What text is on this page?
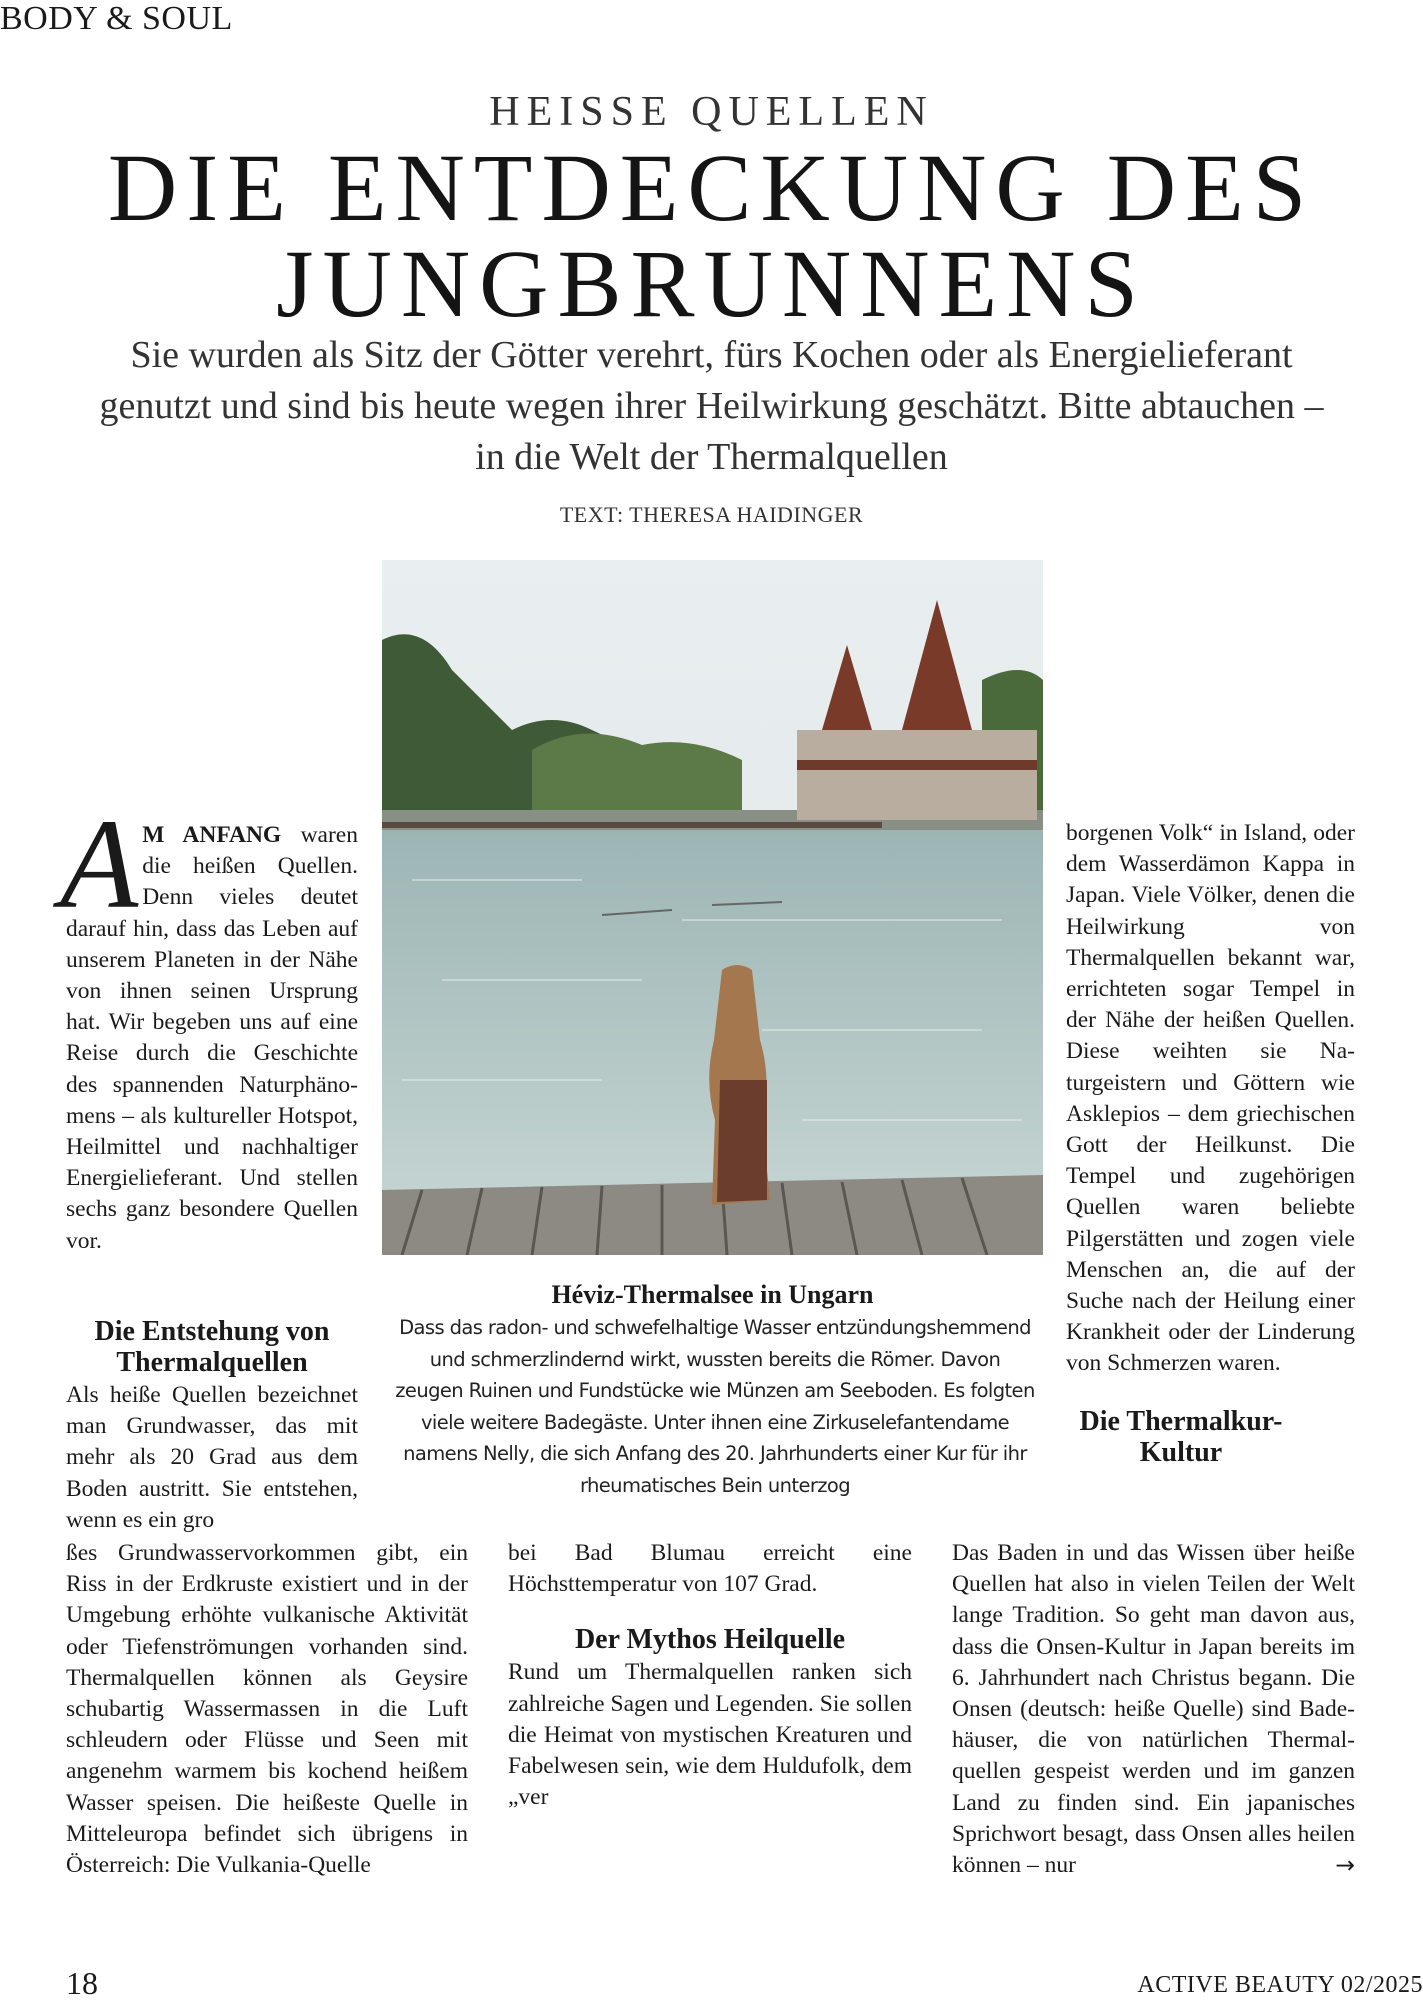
BODY & SOUL
HEISSE QUELLEN
DIE ENTDECKUNG DES
JUNGBRUNNENS
Sie wurden als Sitz der Götter verehrt, fürs Kochen oder als Energielieferant genutzt und sind bis heute wegen ihrer Heilwirkung geschätzt. Bitte abtauchen – in die Welt der Thermalquellen
TEXT: THERESA HAIDINGER
A M ANFANG waren die heißen Quellen. Denn vieles deutet darauf hin, dass das Leben auf unserem Planeten in der Nähe von ihnen seinen Ursprung hat. Wir begeben uns auf eine Reise durch die Geschichte des spannenden Naturphänomens – als kultureller Hotspot, Heilmittel und nachhaltiger Energielieferant. Und stellen sechs ganz besondere Quellen vor.
Die Entstehung von Thermalquellen

Als heiße Quellen bezeichnet man Grundwasser, das mit mehr als 20 Grad aus dem Boden austritt. Sie entstehen, wenn es ein gro

ßes Grundwasservorkommen gibt, ein Riss in der Erdkruste existiert und in der Umgebung erhöhte vulkanische Aktivität oder Tiefenströmungen vorhanden sind. Thermalquellen können als Geysire schubartig Wassermassen in die Luft schleudern oder Flüsse und Seen mit angenehm warmem bis kochend heißem Wasser speisen. Die heißeste Quelle in Mitteleuropa befindet sich übrigens in Österreich: Die Vulkania-Quelle

bei Bad Blumau erreicht eine Höchsttemperatur von 107 Grad.

Der Mythos Heilquelle

Rund um Thermalquellen ranken sich zahlreiche Sagen und Legenden. Sie sollen die Heimat von mystischen Kreaturen und Fabelwesen sein, wie dem Huldufolk, dem „ver

borgenen Volk“ in Island, oder dem Wasserdämon Kappa in Japan. Viele Völker, denen die Heilwirkung von Thermalquellen bekannt war, errichteten sogar Tempel in der Nähe der heißen Quellen. Diese weihten sie Naturgeistern und Göttern wie Asklepios – dem griechischen Gott der Heilkunst. Die Tempel und zugehörigen Quellen waren beliebte Pilgerstätten und zogen viele Menschen an, die auf der Suche nach der Heilung einer Krankheit oder der Linderung von Schmerzen waren.

Die Thermalkur-Kultur

Das Baden in und das Wissen über heiße Quellen hat also in vielen Teilen der Welt lange Tradition. So geht man davon aus, dass die Onsen-Kultur in Japan bereits im 6. Jahrhundert nach Christus begann. Die Onsen (deutsch: heiße Quelle) sind Badehäuser, die von natürlichen Thermalquellen gespeist werden und im ganzen Land zu finden sind. Ein japanisches Sprichwort besagt, dass Onsen alles heilen können – nur	→

Héviz-Thermalsee in Ungarn
Dass das radon- und schwefelhaltige Wasser entzündungshemmend und schmerzlindernd wirkt, wussten bereits die Römer. Davon zeugen Ruinen und Fundstücke wie Münzen am Seeboden. Es folgten viele weitere Badegäste. Unter ihnen eine Zirkuselefantendame namens Nelly, die sich Anfang des 20. Jahrhunderts einer Kur für ihr rheumatisches Bein unterzog
18	ACTIVE BEAUTY 02/2025
